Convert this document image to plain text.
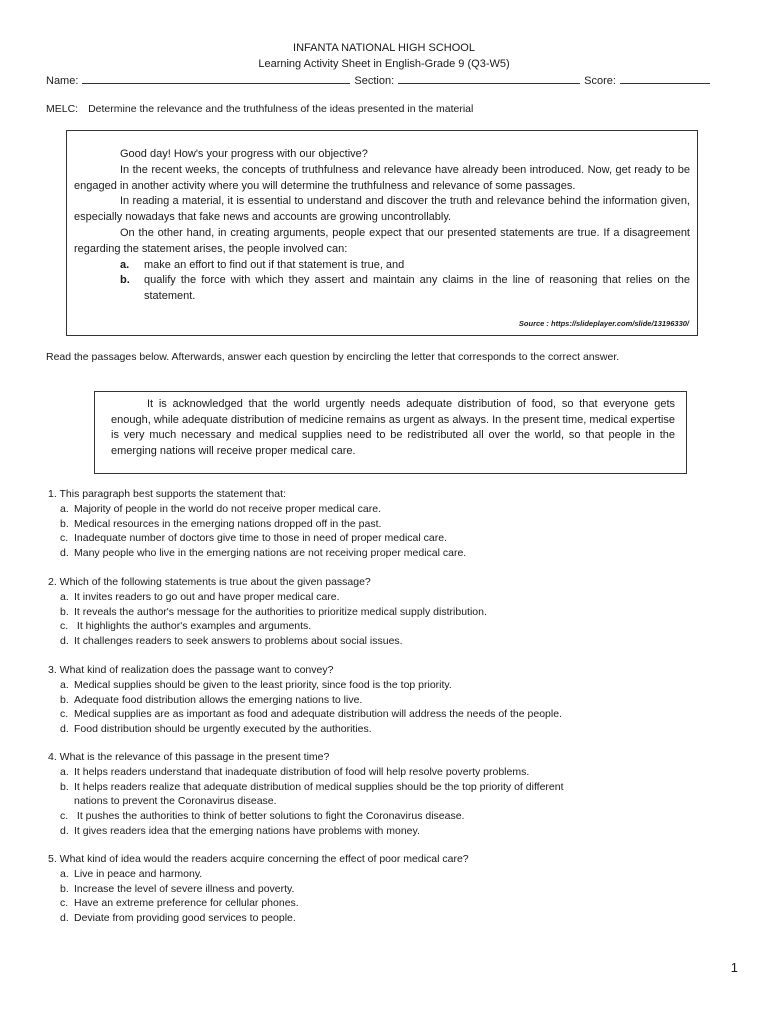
INFANTA NATIONAL HIGH SCHOOL
Learning Activity Sheet in English-Grade 9 (Q3-W5)
Name:	Section:	Score:
MELC: Determine the relevance and the truthfulness of the ideas presented in the material

Good day! How's your progress with our objective?

In the recent weeks, the concepts of truthfulness and relevance have already been introduced. Now, get ready to be engaged in another activity where you will determine the truthfulness and relevance of some passages.

In reading a material, it is essential to understand and discover the truth and relevance behind the information given, especially nowadays that fake news and accounts are growing uncontrollably.

On the other hand, in creating arguments, people expect that our presented statements are true. If a disagreement regarding the statement arises, the people involved can:

a.	make an effort to find out if that statement is true, and
b.	qualify the force with which they assert and maintain any claims in the line of reasoning that relies on the statement.
Source : https://slideplayer.com/slide/13196330/
Read the passages below. Afterwards, answer each question by encircling the letter that corresponds to the correct answer.

It is acknowledged that the world urgently needs adequate distribution of food, so that everyone gets enough, while adequate distribution of medicine remains as urgent as always. In the present time, medical expertise is very much necessary and medical supplies need to be redistributed all over the world, so that people in the emerging nations will receive proper medical care.

1. This paragraph best supports the statement that:
a. Majority of people in the world do not receive proper medical care.
b. Medical resources in the emerging nations dropped off in the past.
c. Inadequate number of doctors give time to those in need of proper medical care.
d. Many people who live in the emerging nations are not receiving proper medical care.
2. Which of the following statements is true about the given passage?
a. It invites readers to go out and have proper medical care.
b. It reveals the author's message for the authorities to prioritize medical supply distribution.
c. It highlights the author's examples and arguments.
d. It challenges readers to seek answers to problems about social issues.
3. What kind of realization does the passage want to convey?
a. Medical supplies should be given to the least priority, since food is the top priority.
b. Adequate food distribution allows the emerging nations to live.
c. Medical supplies are as important as food and adequate distribution will address the needs of the people.
d. Food distribution should be urgently executed by the authorities.
4. What is the relevance of this passage in the present time?
a. It helps readers understand that inadequate distribution of food will help resolve poverty problems.
b. It helps readers realize that adequate distribution of medical supplies should be the top priority of different
nations to prevent the Coronavirus disease.
c. It pushes the authorities to think of better solutions to fight the Coronavirus disease.
d. It gives readers idea that the emerging nations have problems with money.
5. What kind of idea would the readers acquire concerning the effect of poor medical care?
a. Live in peace and harmony.
b. Increase the level of severe illness and poverty.
c. Have an extreme preference for cellular phones.
d. Deviate from providing good services to people.
1
